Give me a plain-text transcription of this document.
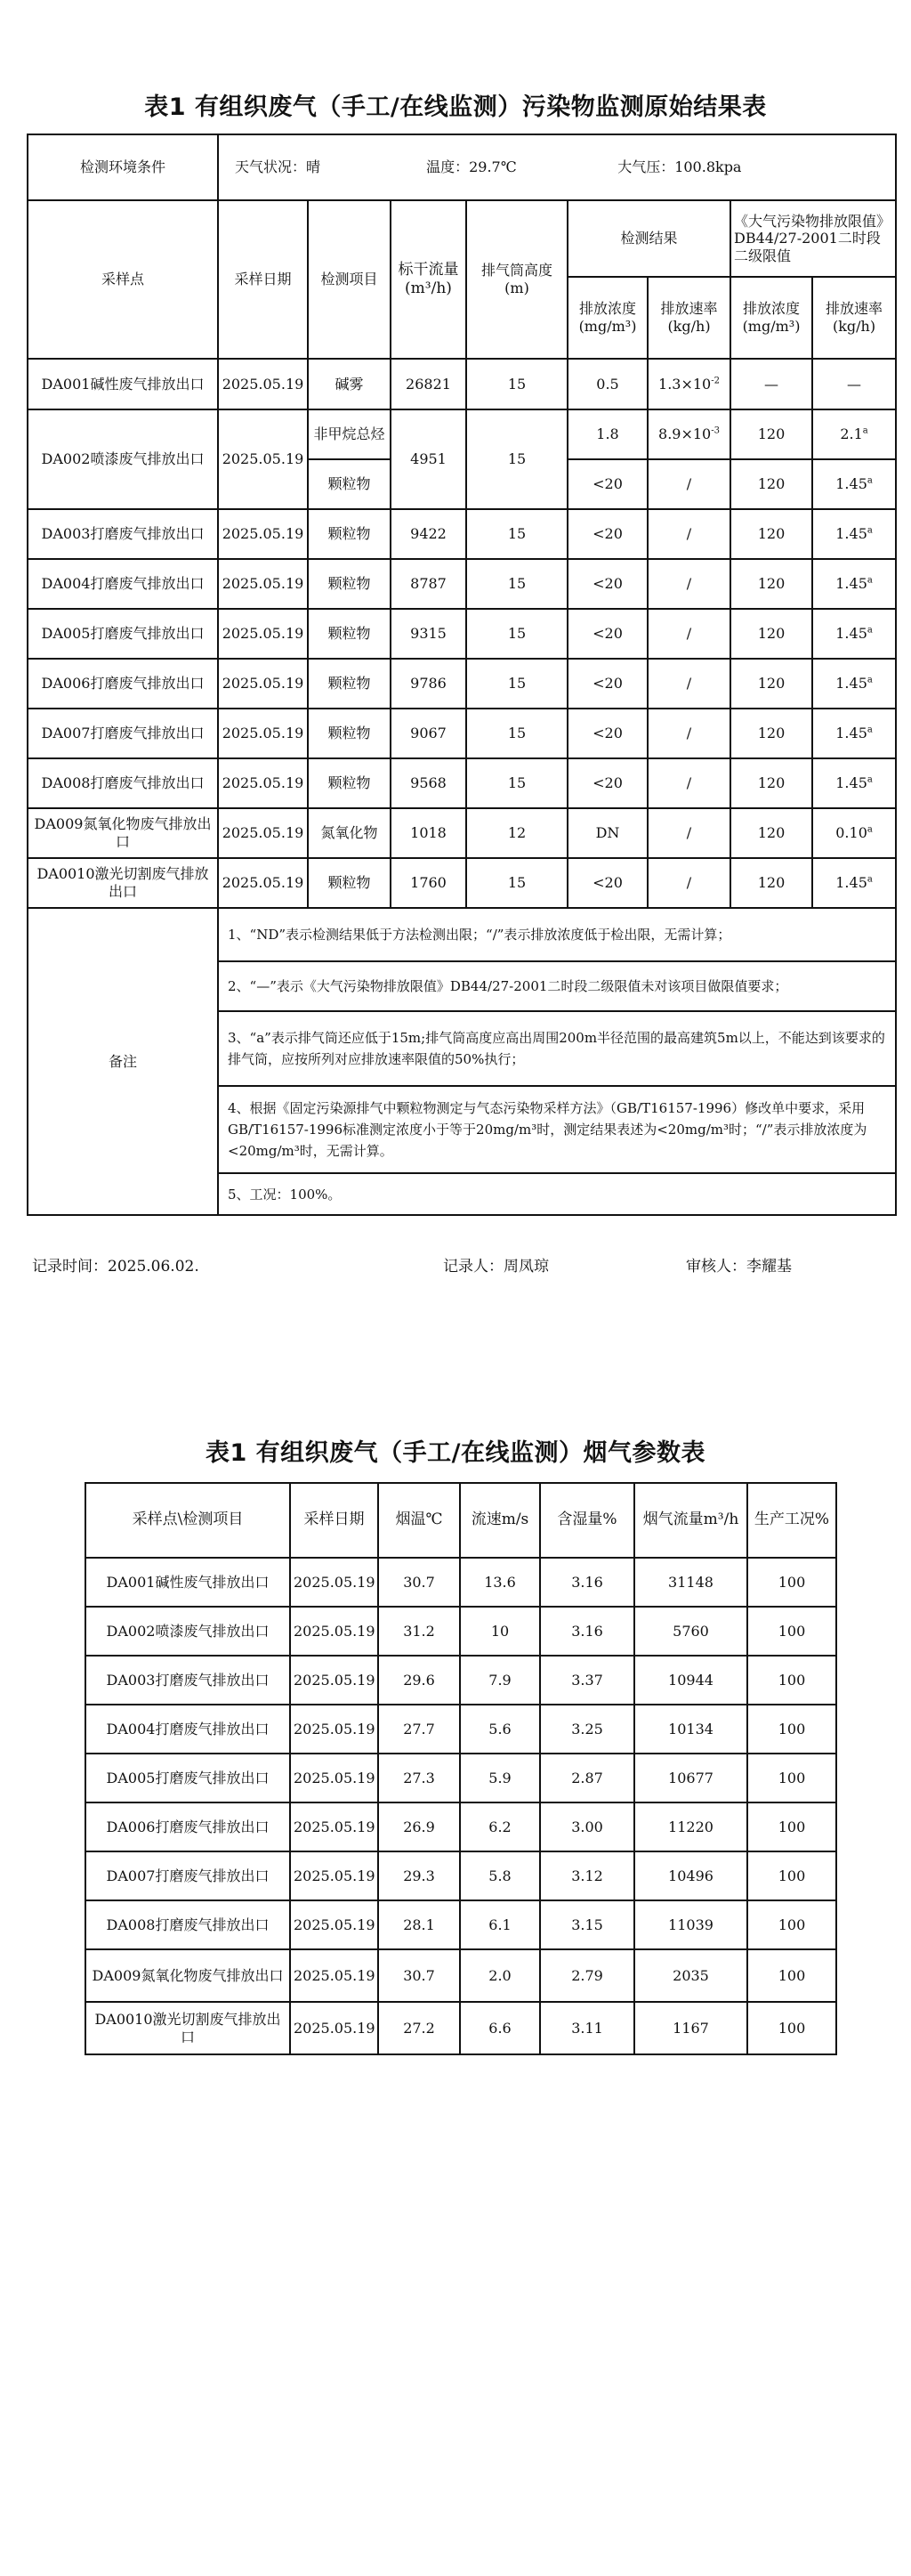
表1 有组织废气（手工/在线监测）污染物监测原始结果表
检测环境条件	天气状况：晴 温度：29.7℃ 大气压：100.8kpa							
采样点	采样日期	检测项目	标干流量(m³/h)	排气筒高度(m)	检测结果		《大气污染物排放限值》DB44/27-2001二时段二级限值	
					排放浓度(mg/m³)	排放速率(kg/h)	排放浓度(mg/m³)	排放速率(kg/h)
DA001碱性废气排放出口	2025.05.19	碱雾	26821	15	0.5	$1.3\times 10^{-2}$	—	—
DA002喷漆废气排放出口	2025.05.19	非甲烷总烃	4951	15	1.8	$8.9\times 10^{-3}$	120	2.1$^a$
		颗粒物			<20	/	120	1.45$^a$
DA003打磨废气排放出口	2025.05.19	颗粒物	9422	15	<20	/	120	1.45$^a$
DA004打磨废气排放出口	2025.05.19	颗粒物	8787	15	<20	/	120	1.45$^a$
DA005打磨废气排放出口	2025.05.19	颗粒物	9315	15	<20	/	120	1.45$^a$
DA006打磨废气排放出口	2025.05.19	颗粒物	9786	15	<20	/	120	1.45$^a$
DA007打磨废气排放出口	2025.05.19	颗粒物	9067	15	<20	/	120	1.45$^a$
DA008打磨废气排放出口	2025.05.19	颗粒物	9568	15	<20	/	120	1.45$^a$
DA009氮氧化物废气排放出口	2025.05.19	氮氧化物	1018	12	DN	/	120	0.10$^a$
DA0010激光切割废气排放出口	2025.05.19	颗粒物	1760	15	<20	/	120	1.45$^a$
备注	1、“ND”表示检测结果低于方法检测出限；“/”表示排放浓度低于检出限，无需计算；							
	2、“—”表示《大气污染物排放限值》DB44/27-2001二时段二级限值未对该项目做限值要求；							
	3、“a”表示排气筒还应低于15m;排气筒高度应高出周围200m半径范围的最高建筑5m以上，不能达到该要求的排气筒，应按所列对应排放速率限值的50%执行；							
	4、根据《固定污染源排气中颗粒物测定与气态污染物采样方法》（GB/T16157-1996）修改单中要求，采用GB/T16157-1996标准测定浓度小于等于20mg/m³时，测定结果表述为<20mg/m³时；“/”表示排放浓度为<20mg/m³时，无需计算。							
	5、工况：100%。							
记录时间：2025.06.02.	记录人：周凤琼	审核人：李耀基
表1 有组织废气（手工/在线监测）烟气参数表
采样点\检测项目	采样日期	烟温℃	流速m/s	含湿量%	烟气流量m³/h	生产工况%
DA001碱性废气排放出口	2025.05.19	30.7	13.6	3.16	31148	100
DA002喷漆废气排放出口	2025.05.19	31.2	10	3.16	5760	100
DA003打磨废气排放出口	2025.05.19	29.6	7.9	3.37	10944	100
DA004打磨废气排放出口	2025.05.19	27.7	5.6	3.25	10134	100
DA005打磨废气排放出口	2025.05.19	27.3	5.9	2.87	10677	100
DA006打磨废气排放出口	2025.05.19	26.9	6.2	3.00	11220	100
DA007打磨废气排放出口	2025.05.19	29.3	5.8	3.12	10496	100
DA008打磨废气排放出口	2025.05.19	28.1	6.1	3.15	11039	100
DA009氮氧化物废气排放出口	2025.05.19	30.7	2.0	2.79	2035	100
DA0010激光切割废气排放出口	2025.05.19	27.2	6.6	3.11	1167	100
